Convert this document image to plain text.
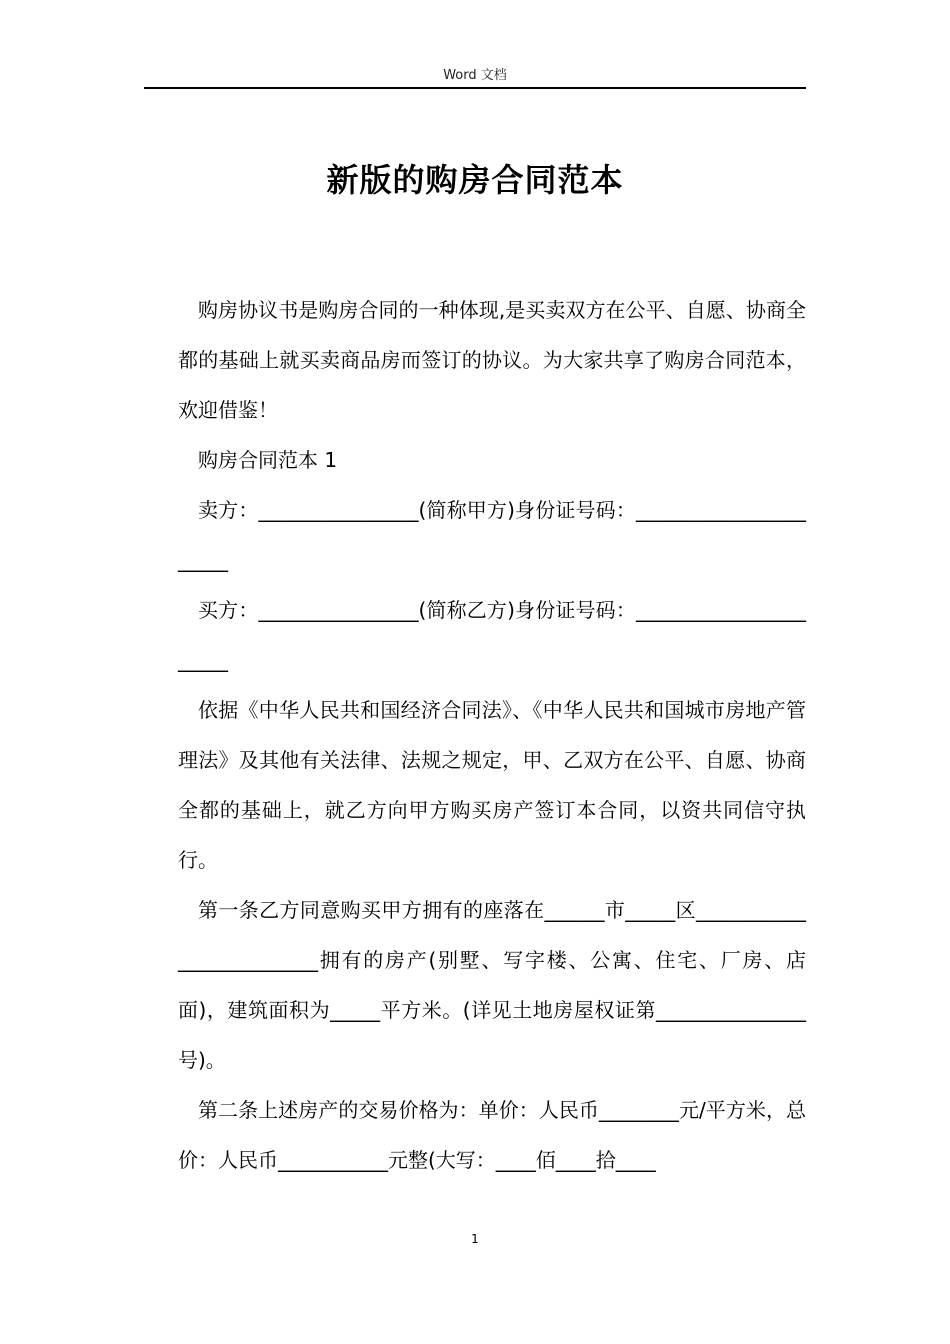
Word 文档
新版的购房合同范本

购房协议书是购房合同的一种体现,是买卖双方在公平、自愿、协商全都的基础上就买卖商品房而签订的协议。为大家共享了购房合同范本，欢迎借鉴！

购房合同范本 1

卖方：________________(简称甲方)身份证号码：______________________

买方：________________(简称乙方)身份证号码：______________________

依据《中华人民共和国经济合同法》、《中华人民共和国城市房地产管理法》及其他有关法律、法规之规定，甲、乙双方在公平、自愿、协商全都的基础上，就乙方向甲方购买房产签订本合同，以资共同信守执行。

第一条乙方同意购买甲方拥有的座落在______市_____区_________________________拥有的房产(别墅、写字楼、公寓、住宅、厂房、店面)，建筑面积为_____平方米。(详见土地房屋权证第_______________号)。

第二条上述房产的交易价格为：单价：人民币________元/平方米，总价：人民币___________元整(大写：____佰____拾____

1
